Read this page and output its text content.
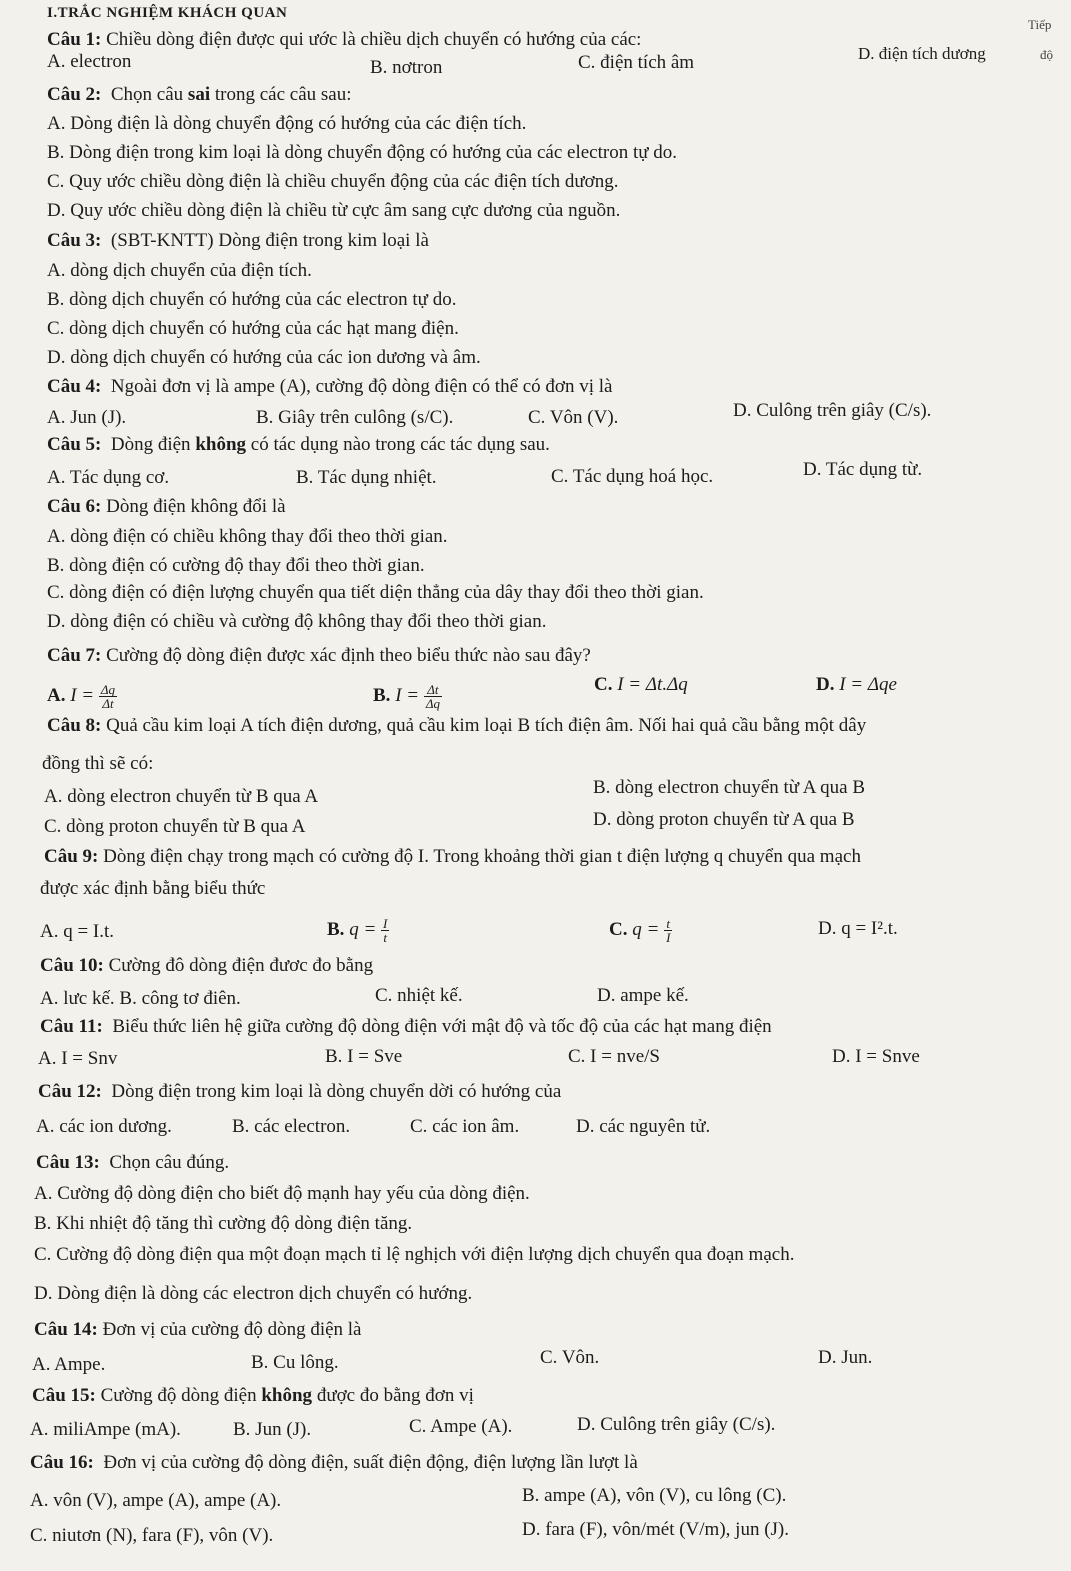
I.TRẮC NGHIỆM KHÁCH QUAN
Tiếp
Câu 1: Chiều dòng điện được qui ước là chiều dịch chuyển có hướng của các:
A. electron	B. nơtron	C. điện tích âm	D. điện tích dương	độ
Câu 2: Chọn câu sai trong các câu sau:
A. Dòng điện là dòng chuyển động có hướng của các điện tích.
B. Dòng điện trong kim loại là dòng chuyển động có hướng của các electron tự do.
C. Quy ước chiều dòng điện là chiều chuyển động của các điện tích dương.
D. Quy ước chiều dòng điện là chiều từ cực âm sang cực dương của nguồn.
Câu 3: (SBT-KNTT) Dòng điện trong kim loại là
A. dòng dịch chuyển của điện tích.
B. dòng dịch chuyển có hướng của các electron tự do.
C. dòng dịch chuyển có hướng của các hạt mang điện.
D. dòng dịch chuyển có hướng của các ion dương và âm.
Câu 4: Ngoài đơn vị là ampe (A), cường độ dòng điện có thể có đơn vị là
A. Jun (J).	B. Giây trên culông (s/C).	C. Vôn (V).	D. Culông trên giây (C/s).
Câu 5: Dòng điện không có tác dụng nào trong các tác dụng sau.
A. Tác dụng cơ.	B. Tác dụng nhiệt.	C. Tác dụng hoá học.	D. Tác dụng từ.
Câu 6: Dòng điện không đổi là
A. dòng điện có chiều không thay đổi theo thời gian.
B. dòng điện có cường độ thay đổi theo thời gian.
C. dòng điện có điện lượng chuyển qua tiết diện thẳng của dây thay đổi theo thời gian.
D. dòng điện có chiều và cường độ không thay đổi theo thời gian.
Câu 7: Cường độ dòng điện được xác định theo biểu thức nào sau đây?
A. $I = \frac{\Delta q}{\Delta t}$	B. $I = \frac{\Delta t}{\Delta q}$	C. I = Δt.Δq	D. I = Δqe
Câu 8: Quả cầu kim loại A tích điện dương, quả cầu kim loại B tích điện âm. Nối hai quả cầu bằng một dây
đồng thì sẽ có:
A. dòng electron chuyển từ B qua A	B. dòng electron chuyển từ A qua B
C. dòng proton chuyển từ B qua A	D. dòng proton chuyển từ A qua B
Câu 9: Dòng điện chạy trong mạch có cường độ I. Trong khoảng thời gian t điện lượng q chuyển qua mạch
được xác định bằng biểu thức
A. q = I.t.	B. $q = \frac{I}{t}$	C. $q = \frac{t}{I}$	D. q = I².t.
Câu 10: Cường đô dòng điện đươc đo bằng
A. lưc kế. B. công tơ điên.	C. nhiệt kế.	D. ampe kế.
Câu 11: Biểu thức liên hệ giữa cường độ dòng điện với mật độ và tốc độ của các hạt mang điện
A. I = Snv	B. I = Sve	C. I = nve/S	D. I = Snve
Câu 12: Dòng điện trong kim loại là dòng chuyển dời có hướng của
A. các ion dương.	B. các electron.	C. các ion âm.	D. các nguyên tử.
Câu 13: Chọn câu đúng.
A. Cường độ dòng điện cho biết độ mạnh hay yếu của dòng điện.
B. Khi nhiệt độ tăng thì cường độ dòng điện tăng.
C. Cường độ dòng điện qua một đoạn mạch tỉ lệ nghịch với điện lượng dịch chuyển qua đoạn mạch.
D. Dòng điện là dòng các electron dịch chuyển có hướng.
Câu 14: Đơn vị của cường độ dòng điện là
A. Ampe.	B. Cu lông.	C. Vôn.	D. Jun.
Câu 15: Cường độ dòng điện không được đo bằng đơn vị
A. miliAmpe (mA).	B. Jun (J).	C. Ampe (A).	D. Culông trên giây (C/s).
Câu 16: Đơn vị của cường độ dòng điện, suất điện động, điện lượng lần lượt là
A. vôn (V), ampe (A), ampe (A).	B. ampe (A), vôn (V), cu lông (C).
C. niutơn (N), fara (F), vôn (V).	D. fara (F), vôn/mét (V/m), jun (J).
